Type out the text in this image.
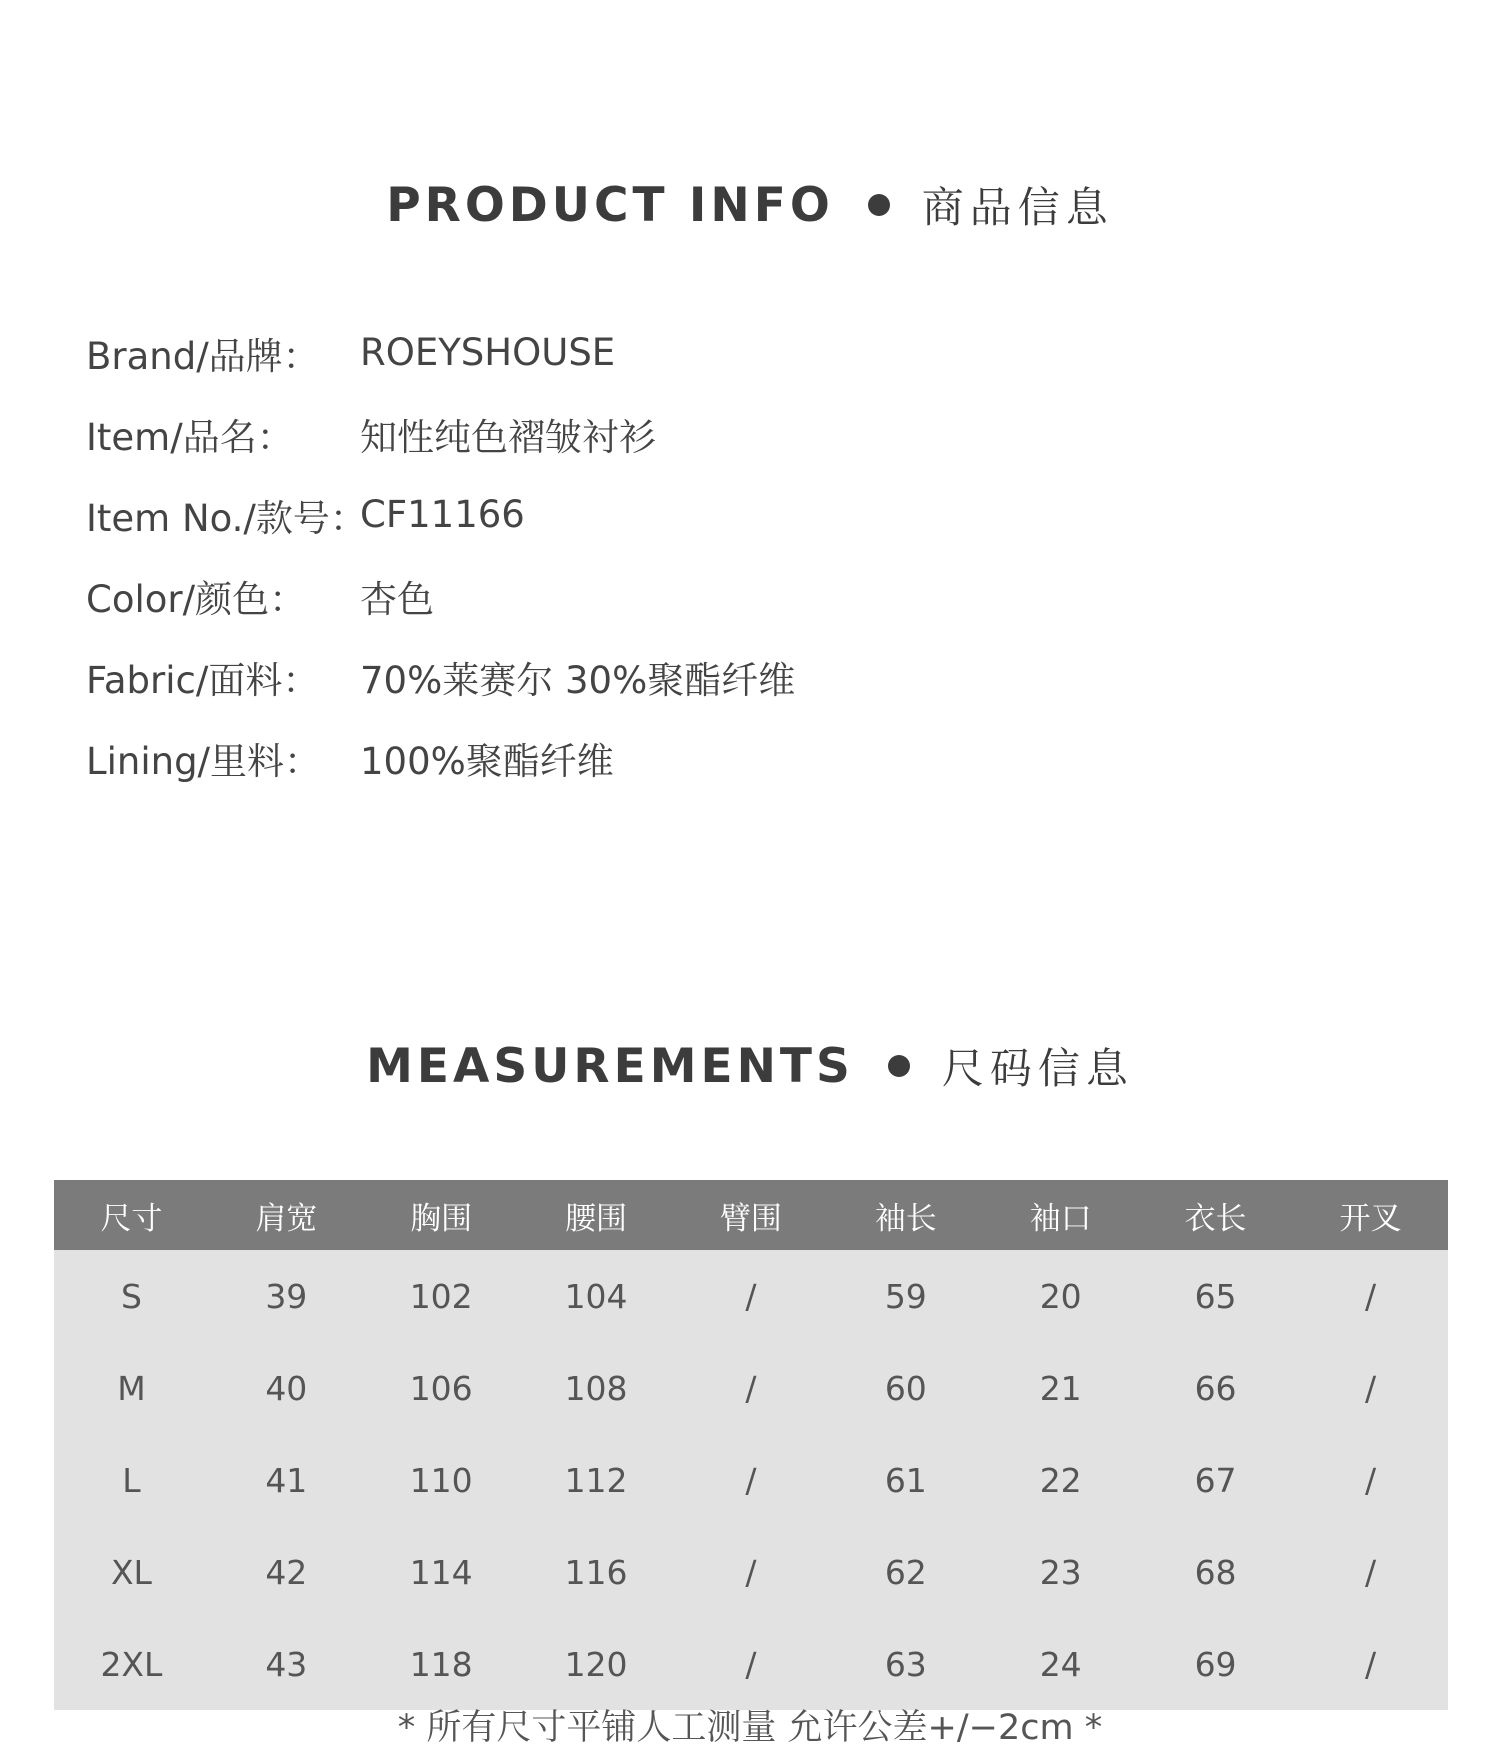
PRODUCT INFO 商品信息
Brand/品牌：	ROEYSHOUSE
Item/品名：	知性纯色褶皱衬衫
Item No./款号：
CF11166
Color/颜色：	杏色
Fabric/面料：	70%莱赛尔 30%聚酯纤维
Lining/里料：	100%聚酯纤维
MEASUREMENTS 尺码信息
尺寸	肩宽	胸围	腰围	臂围	袖长	袖口	衣长	开叉
S	39	102	104	/	59	20	65	/
M	40	106	108	/	60	21	66	/
L	41	110	112	/	61	22	67	/
XL	42	114	116	/	62	23	68	/
2XL	43	118	120	/	63	24	69	/
* 所有尺寸平铺人工测量 允许公差+/−2cm *
